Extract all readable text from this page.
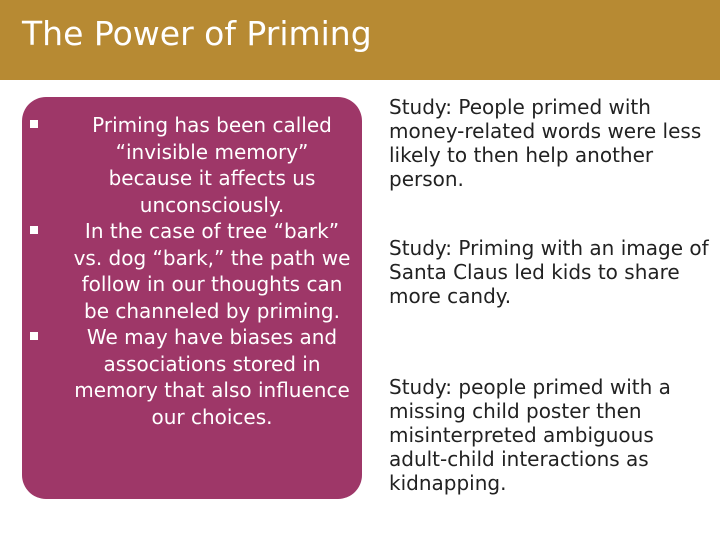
The Power of Priming
Priming has been called “invisible memory” because it affects us unconsciously.
In the case of tree “bark” vs. dog “bark,” the path we follow in our thoughts can be channeled by priming.
We may have biases and associations stored in memory that also influence our choices.

Study: People primed with money-related words were less likely to then help another person.

Study: Priming with an image of Santa Claus led kids to share more candy.

Study: people primed with a missing child poster then misinterpreted ambiguous adult-child interactions as kidnapping.
